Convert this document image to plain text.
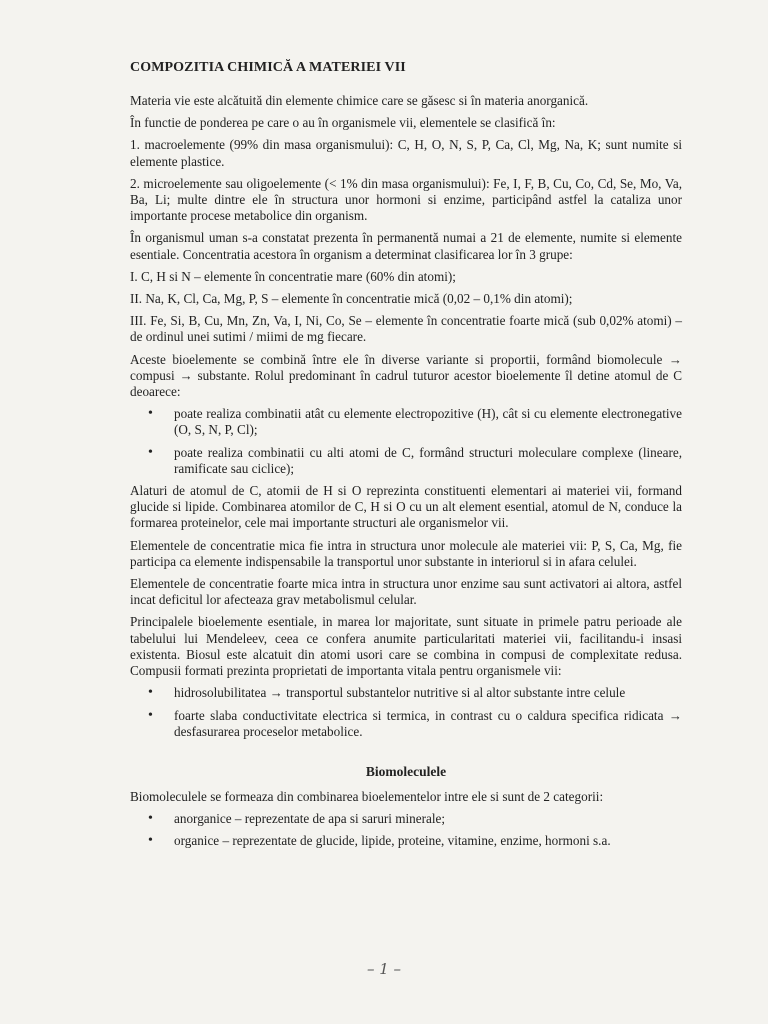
COMPOZITIA CHIMICĂ A MATERIEI VII

Materia vie este alcătuită din elemente chimice care se găsesc si în materia anorganică.

În functie de ponderea pe care o au în organismele vii, elementele se clasifică în:

1. macroelemente (99% din masa organismului): C, H, O, N, S, P, Ca, Cl, Mg, Na, K; sunt numite si elemente plastice.

2. microelemente sau oligoelemente (< 1% din masa organismului): Fe, I, F, B, Cu, Co, Cd, Se, Mo, Va, Ba, Li; multe dintre ele în structura unor hormoni si enzime, participând astfel la cataliza unor importante procese metabolice din organism.

În organismul uman s-a constatat prezenta în permanentă numai a 21 de elemente, numite si elemente esentiale. Concentratia acestora în organism a determinat clasificarea lor în 3 grupe:

I. C, H si N – elemente în concentratie mare (60% din atomi);

II. Na, K, Cl, Ca, Mg, P, S – elemente în concentratie mică (0,02 – 0,1% din atomi);

III. Fe, Si, B, Cu, Mn, Zn, Va, I, Ni, Co, Se – elemente în concentratie foarte mică (sub 0,02% atomi) – de ordinul unei sutimi / miimi de mg fiecare.

Aceste bioelemente se combină între ele în diverse variante si proportii, formând biomolecule → compusi → substante. Rolul predominant în cadrul tuturor acestor bioelemente îl detine atomul de C deoarece:

• poate realiza combinatii atât cu elemente electropozitive (H), cât si cu elemente electronegative (O, S, N, P, Cl);
• poate realiza combinatii cu alti atomi de C, formând structuri moleculare complexe (lineare, ramificate sau ciclice);

Alaturi de atomul de C, atomii de H si O reprezinta constituenti elementari ai materiei vii, formand glucide si lipide. Combinarea atomilor de C, H si O cu un alt element esential, atomul de N, conduce la formarea proteinelor, cele mai importante structuri ale organismelor vii.

Elementele de concentratie mica fie intra in structura unor molecule ale materiei vii: P, S, Ca, Mg, fie participa ca elemente indispensabile la transportul unor substante in interiorul si in afara celulei.

Elementele de concentratie foarte mica intra in structura unor enzime sau sunt activatori ai altora, astfel incat deficitul lor afecteaza grav metabolismul celular.

Principalele bioelemente esentiale, in marea lor majoritate, sunt situate in primele patru perioade ale tabelului lui Mendeleev, ceea ce confera anumite particularitati materiei vii, facilitandu-i insasi existenta. Biosul este alcatuit din atomi usori care se combina in compusi de complexitate redusa. Compusii formati prezinta proprietati de importanta vitala pentru organismele vii:

• hidrosolubilitatea → transportul substantelor nutritive si al altor substante intre celule
• foarte slaba conductivitate electrica si termica, in contrast cu o caldura specifica ridicata → desfasurarea proceselor metabolice.
Biomoleculele

Biomoleculele se formeaza din combinarea bioelementelor intre ele si sunt de 2 categorii:

• anorganice – reprezentate de apa si saruri minerale;
• organice – reprezentate de glucide, lipide, proteine, vitamine, enzime, hormoni s.a.
– 1 –
